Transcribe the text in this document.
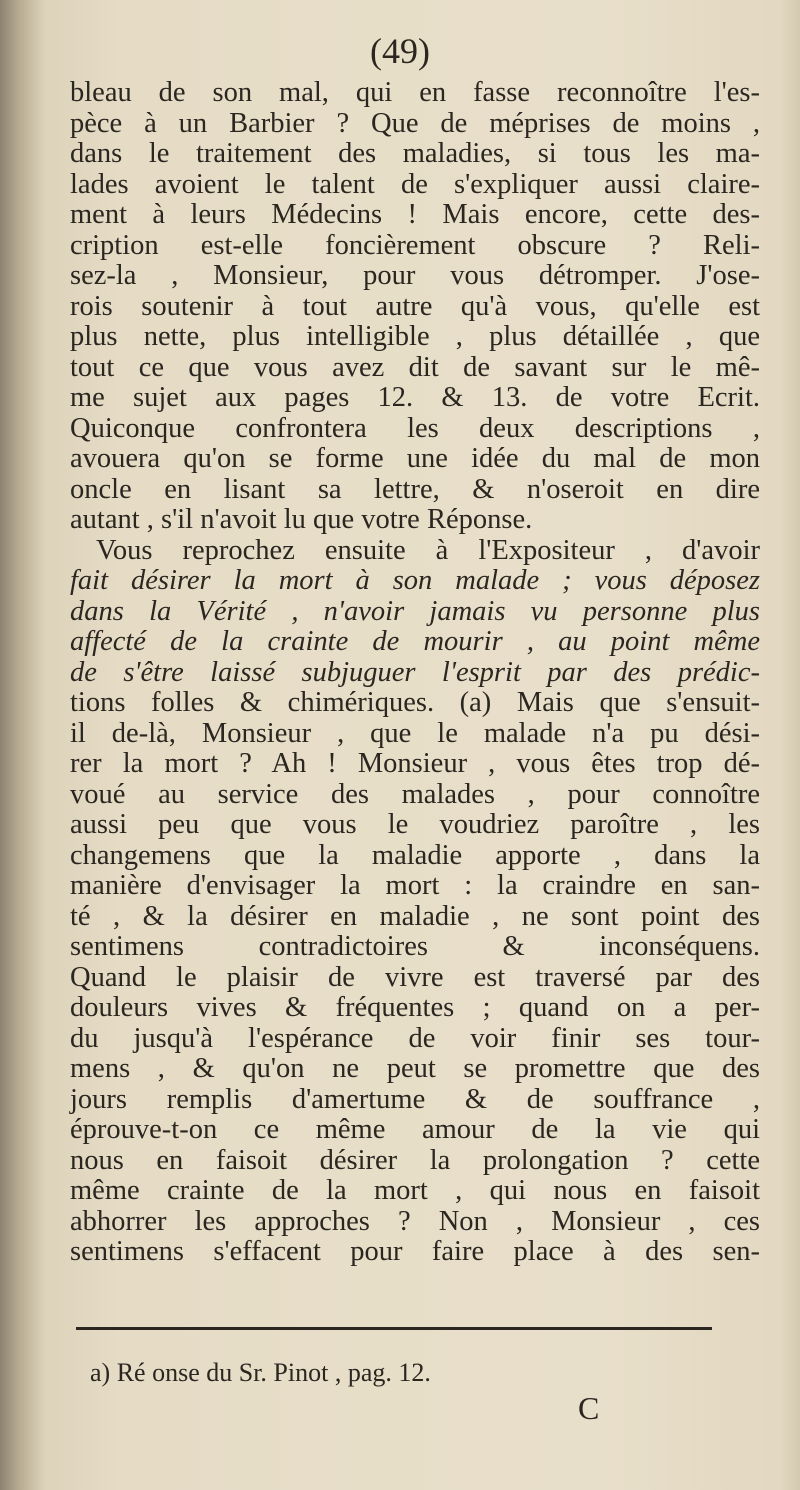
(49)
bleau de son mal, qui en fasse reconnoître l'es-
pèce à un Barbier ? Que de méprises de moins ,
dans le traitement des maladies, si tous les ma-
lades avoient le talent de s'expliquer aussi claire-
ment à leurs Médecins ! Mais encore, cette des-
cription est-elle foncièrement obscure ? Reli-
sez-la , Monsieur, pour vous détromper. J'ose-
rois soutenir à tout autre qu'à vous, qu'elle est
plus nette, plus intelligible , plus détaillée , que
tout ce que vous avez dit de savant sur le mê-
me sujet aux pages 12. & 13. de votre Ecrit.
Quiconque confrontera les deux descriptions ,
avouera qu'on se forme une idée du mal de mon
oncle en lisant sa lettre, & n'oseroit en dire
autant , s'il n'avoit lu que votre Réponse.
Vous reprochez ensuite à l'Expositeur , d'avoir
fait désirer la mort à son malade ; vous déposez
dans la Vérité , n'avoir jamais vu personne plus
affecté de la crainte de mourir , au point même
de s'être laissé subjuguer l'esprit par des prédic-
tions folles & chimériques. (a) Mais que s'ensuit-
il de-là, Monsieur , que le malade n'a pu dési-
rer la mort ? Ah ! Monsieur , vous êtes trop dé-
voué au service des malades , pour connoître
aussi peu que vous le voudriez paroître , les
changemens que la maladie apporte , dans la
manière d'envisager la mort : la craindre en san-
té , & la désirer en maladie , ne sont point des
sentimens contradictoires & inconséquens.
Quand le plaisir de vivre est traversé par des
douleurs vives & fréquentes ; quand on a per-
du jusqu'à l'espérance de voir finir ses tour-
mens , & qu'on ne peut se promettre que des
jours remplis d'amertume & de souffrance ,
éprouve-t-on ce même amour de la vie qui
nous en faisoit désirer la prolongation ? cette
même crainte de la mort , qui nous en faisoit
abhorrer les approches ? Non , Monsieur , ces
sentimens s'effacent pour faire place à des sen-
a) Ré onse du Sr. Pinot , pag. 12.
C
